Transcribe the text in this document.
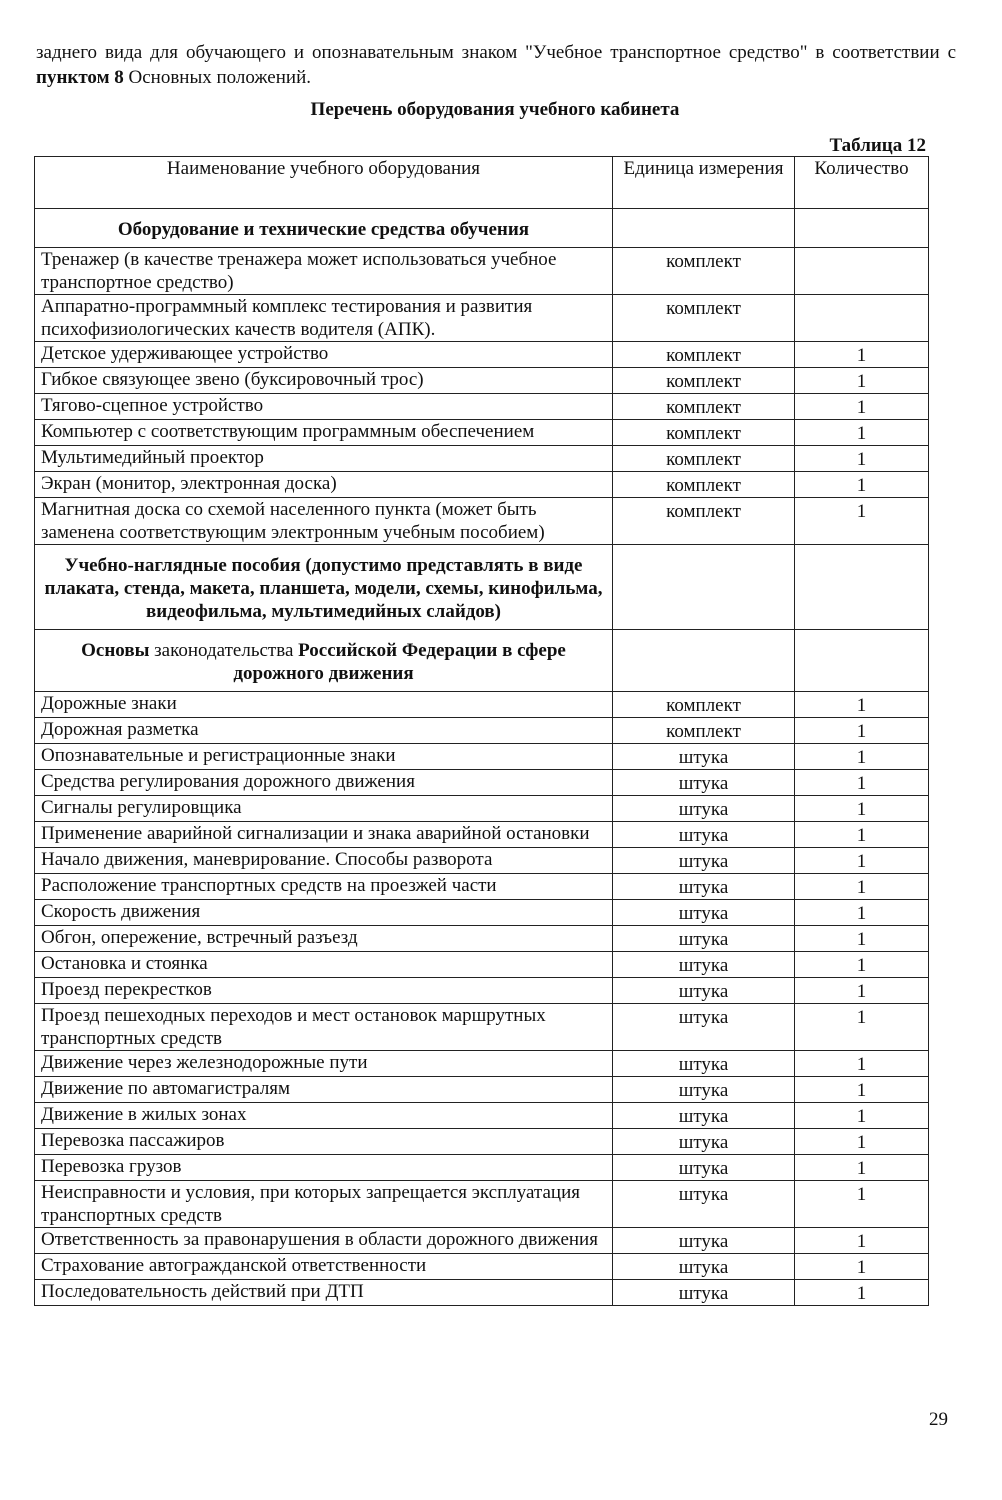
заднего вида для обучающего и опознавательным знаком "Учебное транспортное средство" в соответствии с пунктом 8 Основных положений.
Перечень оборудования учебного кабинета
Таблица 12
Наименование учебного оборудования	Единица измерения	Количество
Оборудование и технические средства обучения		
Тренажер (в качестве тренажера может использоваться учебное транспортное средство)	комплект	
Аппаратно-программный комплекс тестирования и развития психофизиологических качеств водителя (АПК).	комплект	
Детское удерживающее устройство	комплект	1
Гибкое связующее звено (буксировочный трос)	комплект	1
Тягово-сцепное устройство	комплект	1
Компьютер с соответствующим программным обеспечением	комплект	1
Мультимедийный проектор	комплект	1
Экран (монитор, электронная доска)	комплект	1
Магнитная доска со схемой населенного пункта (может быть заменена соответствующим электронным учебным пособием)	комплект	1
Учебно-наглядные пособия (допустимо представлять в виде плаката, стенда, макета, планшета, модели, схемы, кинофильма, видеофильма, мультимедийных слайдов)		
Основы законодательства Российской Федерации в сфере дорожного движения		
Дорожные знаки	комплект	1
Дорожная разметка	комплект	1
Опознавательные и регистрационные знаки	штука	1
Средства регулирования дорожного движения	штука	1
Сигналы регулировщика	штука	1
Применение аварийной сигнализации и знака аварийной остановки	штука	1
Начало движения, маневрирование. Способы разворота	штука	1
Расположение транспортных средств на проезжей части	штука	1
Скорость движения	штука	1
Обгон, опережение, встречный разъезд	штука	1
Остановка и стоянка	штука	1
Проезд перекрестков	штука	1
Проезд пешеходных переходов и мест остановок маршрутных транспортных средств	штука	1
Движение через железнодорожные пути	штука	1
Движение по автомагистралям	штука	1
Движение в жилых зонах	штука	1
Перевозка пассажиров	штука	1
Перевозка грузов	штука	1
Неисправности и условия, при которых запрещается эксплуатация транспортных средств	штука	1
Ответственность за правонарушения в области дорожного движения	штука	1
Страхование автогражданской ответственности	штука	1
Последовательность действий при ДТП	штука	1
29
